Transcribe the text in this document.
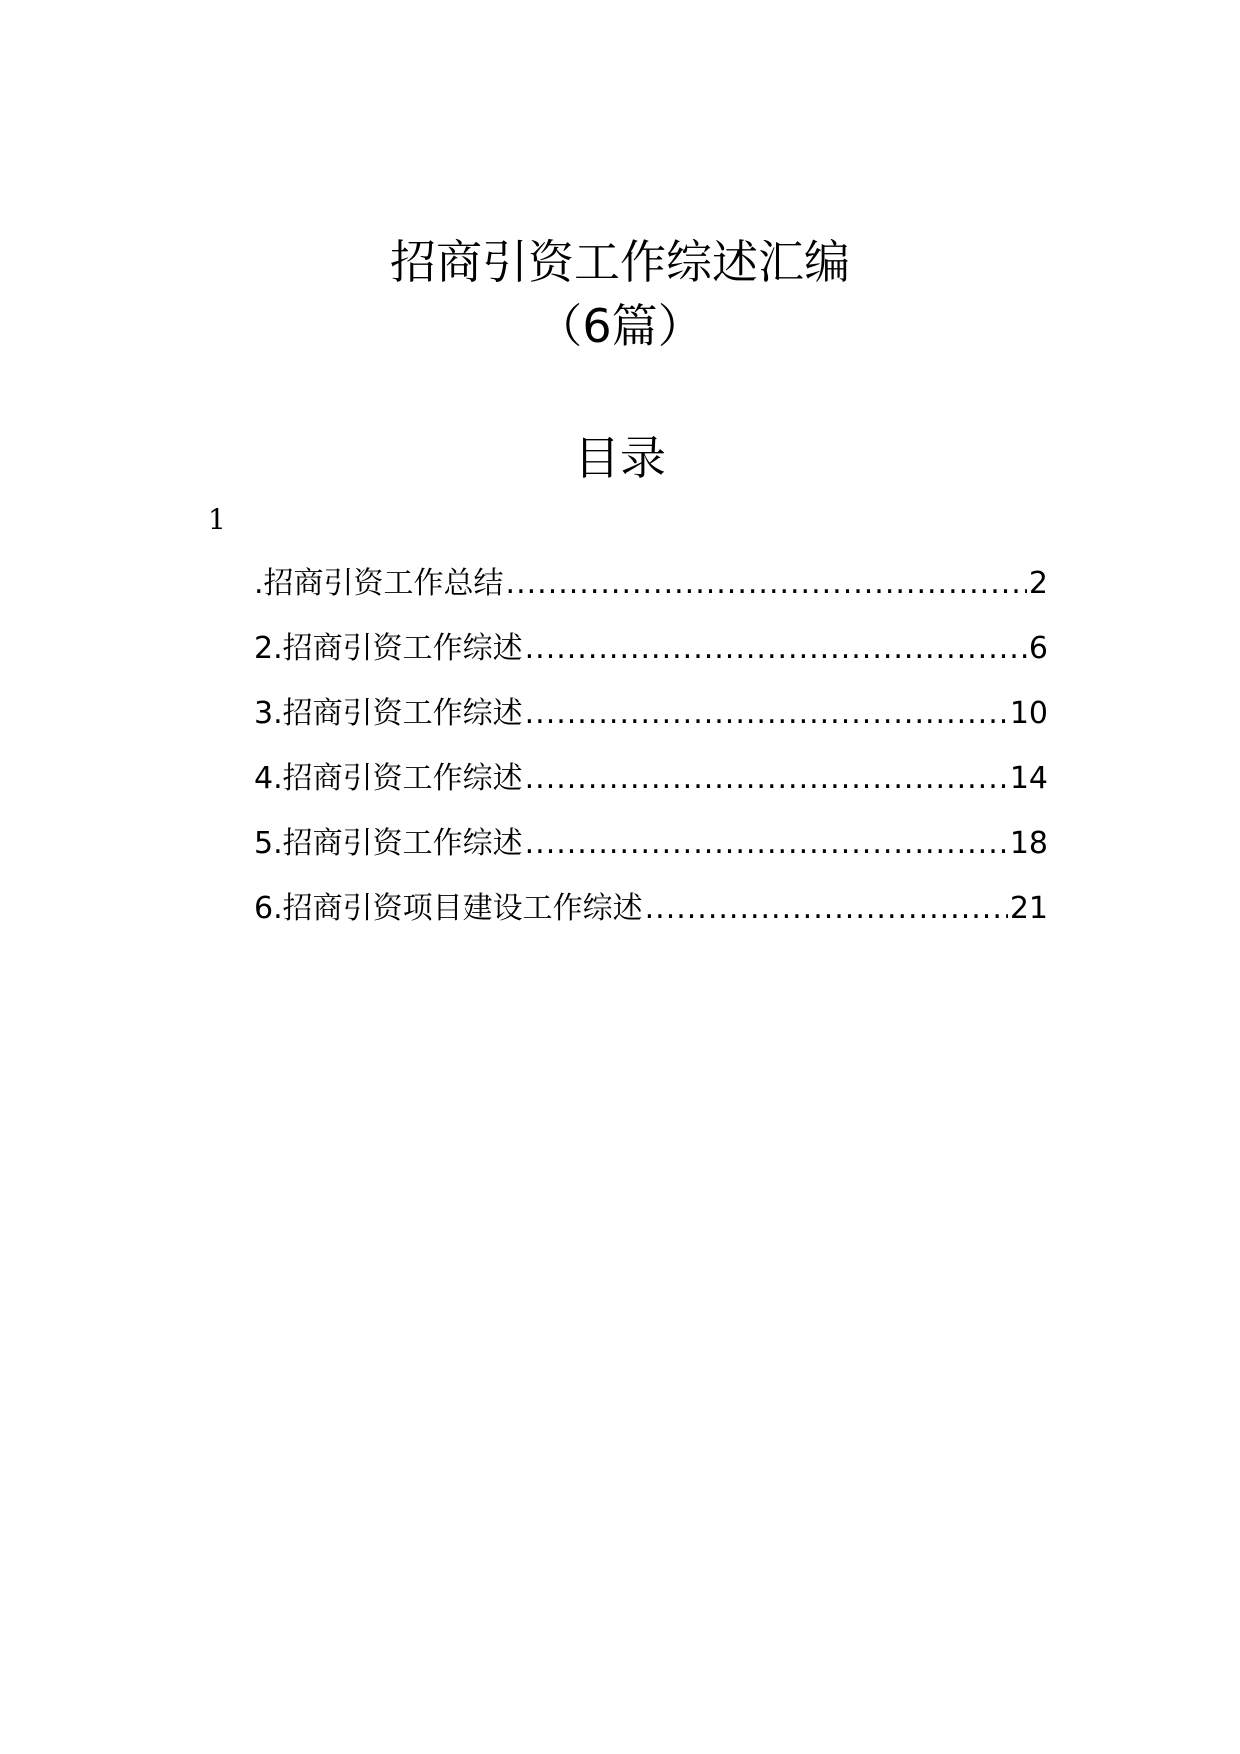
招商引资工作综述汇编
（6篇）
目录
1
.招商引资工作总结 .....	2
2.招商引资工作综述 .....	6
3.招商引资工作综述 .....	10
4.招商引资工作综述 .....	14
5.招商引资工作综述 .....	18
6.招商引资项目建设工作综述 .....	21
